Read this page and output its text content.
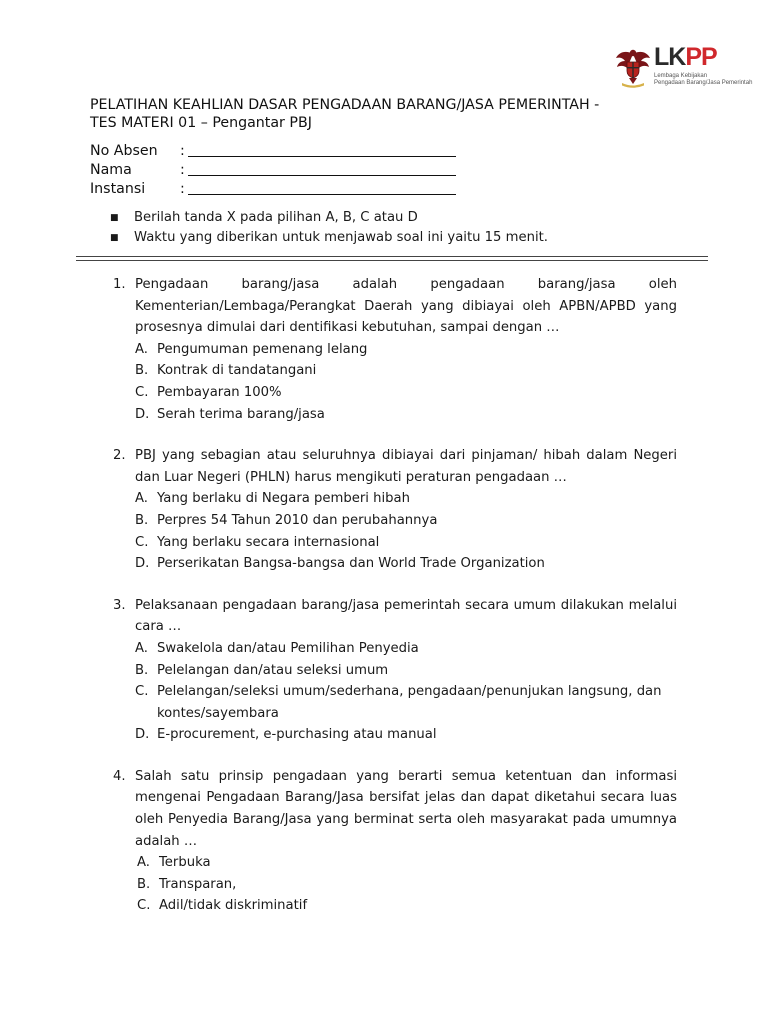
LKPP
Lembaga Kebijakan
Pengadaan Barang/Jasa Pemerintah
PELATIHAN KEAHLIAN DASAR PENGADAAN BARANG/JASA PEMERINTAH -
TES MATERI 01 – Pengantar PBJ
No Absen	:
Nama	:
Instansi	:
■	Berilah tanda X pada pilihan A, B, C atau D
■	Waktu yang diberikan untuk menjawab soal ini yaitu 15 menit.
1. Pengadaan barang/jasa adalah pengadaan barang/jasa oleh Kementerian/Lembaga/Perangkat Daerah yang dibiayai oleh APBN/APBD yang prosesnya dimulai dari dentifikasi kebutuhan, sampai dengan …
A. Pengumuman pemenang lelang
B. Kontrak di tandatangani
C. Pembayaran 100%
D. Serah terima barang/jasa
2. PBJ yang sebagian atau seluruhnya dibiayai dari pinjaman/ hibah dalam Negeri dan Luar Negeri (PHLN) harus mengikuti peraturan pengadaan …
A. Yang berlaku di Negara pemberi hibah
B. Perpres 54 Tahun 2010 dan perubahannya
C. Yang berlaku secara internasional
D. Perserikatan Bangsa-bangsa dan World Trade Organization
3. Pelaksanaan pengadaan barang/jasa pemerintah secara umum dilakukan melalui cara …
A. Swakelola dan/atau Pemilihan Penyedia
B. Pelelangan dan/atau seleksi umum
C. Pelelangan/seleksi umum/sederhana, pengadaan/penunjukan langsung, dan kontes/sayembara
D. E-procurement, e-purchasing atau manual
4. Salah satu prinsip pengadaan yang berarti semua ketentuan dan informasi mengenai Pengadaan Barang/Jasa bersifat jelas dan dapat diketahui secara luas oleh Penyedia Barang/Jasa yang berminat serta oleh masyarakat pada umumnya adalah …
A. Terbuka
B. Transparan,
C. Adil/tidak diskriminatif
